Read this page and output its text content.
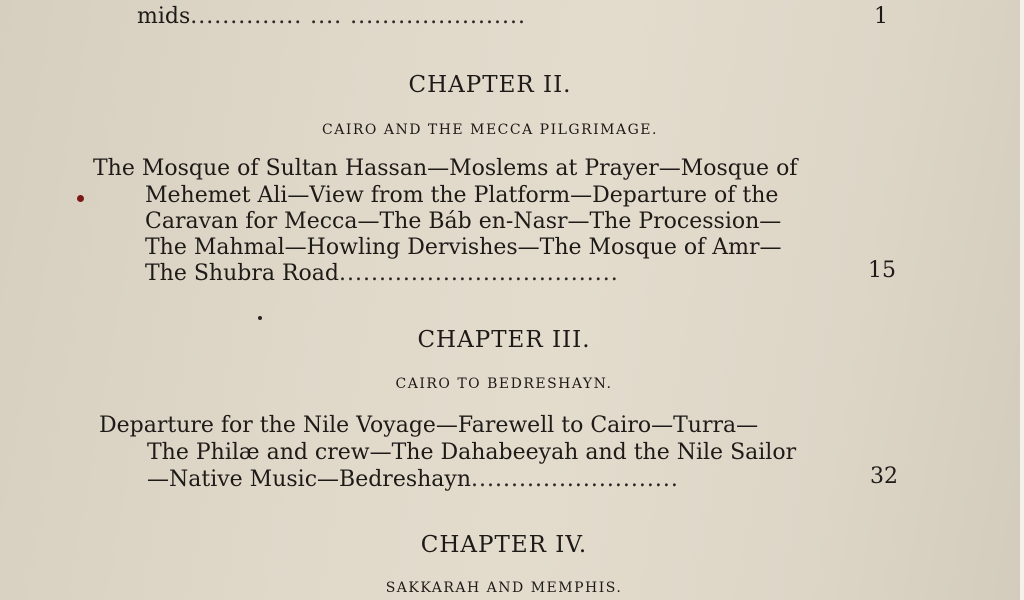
mids.............. .... ......................	1
CHAPTER II.
CAIRO AND THE MECCA PILGRIMAGE.
The Mosque of Sultan Hassan—Moslems at Prayer—Mosque of
Mehemet Ali—View from the Platform—Departure of the
Caravan for Mecca—The Báb en-Nasr—The Procession—
The Mahmal—Howling Dervishes—The Mosque of Amr—
The Shubra Road...................................	15
CHAPTER III.
CAIRO TO BEDRESHAYN.
Departure for the Nile Voyage—Farewell to Cairo—Turra—
The Philæ and crew—The Dahabeeyah and the Nile Sailor
—Native Music—Bedreshayn..........................	32
CHAPTER IV.
SAKKARAH AND MEMPHIS.
